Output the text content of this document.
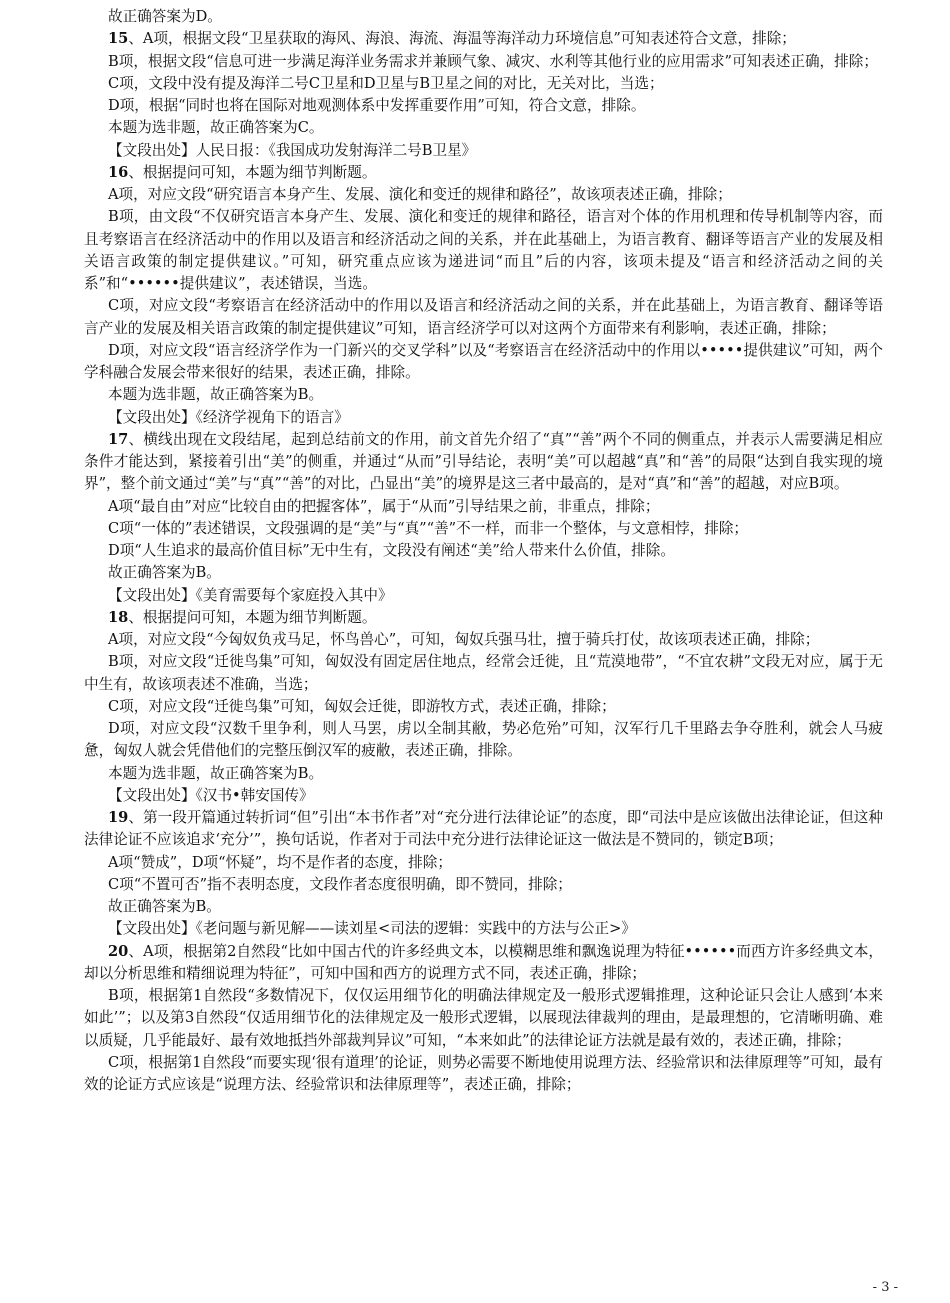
故正确答案为D。

15、A项，根据文段“卫星获取的海风、海浪、海流、海温等海洋动力环境信息”可知表述符合文意，排除；

B项，根据文段“信息可进一步满足海洋业务需求并兼顾气象、减灾、水利等其他行业的应用需求”可知表述正确，排除；

C项，文段中没有提及海洋二号C卫星和D卫星与B卫星之间的对比，无关对比，当选；

D项，根据“同时也将在国际对地观测体系中发挥重要作用”可知，符合文意，排除。

本题为选非题，故正确答案为C。

【文段出处】人民日报：《我国成功发射海洋二号B卫星》

16、根据提问可知，本题为细节判断题。

A项，对应文段“研究语言本身产生、发展、演化和变迁的规律和路径”，故该项表述正确，排除；

B项，由文段“不仅研究语言本身产生、发展、演化和变迁的规律和路径，语言对个体的作用机理和传导机制等内容，而且考察语言在经济活动中的作用以及语言和经济活动之间的关系，并在此基础上，为语言教育、翻译等语言产业的发展及相关语言政策的制定提供建议。”可知，研究重点应该为递进词“而且”后的内容，该项未提及“语言和经济活动之间的关系”和“••••••提供建议”，表述错误，当选。

C项，对应文段“考察语言在经济活动中的作用以及语言和经济活动之间的关系，并在此基础上，为语言教育、翻译等语言产业的发展及相关语言政策的制定提供建议”可知，语言经济学可以对这两个方面带来有利影响，表述正确，排除；

D项，对应文段“语言经济学作为一门新兴的交叉学科”以及“考察语言在经济活动中的作用以•••••提供建议”可知，两个学科融合发展会带来很好的结果，表述正确，排除。

本题为选非题，故正确答案为B。

【文段出处】《经济学视角下的语言》

17、横线出现在文段结尾，起到总结前文的作用，前文首先介绍了“真”“善”两个不同的侧重点，并表示人需要满足相应条件才能达到，紧接着引出“美”的侧重，并通过“从而”引导结论，表明“美”可以超越“真”和“善”的局限“达到自我实现的境界”，整个前文通过“美”与“真”“善”的对比，凸显出“美”的境界是这三者中最高的，是对“真”和“善”的超越，对应B项。

A项“最自由”对应“比较自由的把握客体”，属于“从而”引导结果之前，非重点，排除；

C项“一体的”表述错误，文段强调的是“美”与“真”“善”不一样，而非一个整体，与文意相悖，排除；

D项“人生追求的最高价值目标”无中生有，文段没有阐述“美”给人带来什么价值，排除。

故正确答案为B。

【文段出处】《美育需要每个家庭投入其中》

18、根据提问可知，本题为细节判断题。

A项，对应文段“今匈奴负戎马足，怀鸟兽心”，可知，匈奴兵强马壮，擅于骑兵打仗，故该项表述正确，排除；

B项，对应文段“迁徙鸟集”可知，匈奴没有固定居住地点，经常会迁徙，且“荒漠地带”，“不宜农耕”文段无对应，属于无中生有，故该项表述不准确，当选；

C项，对应文段“迁徙鸟集”可知，匈奴会迁徙，即游牧方式，表述正确，排除；

D项，对应文段“汉数千里争利，则人马罢，虏以全制其敝，势必危殆”可知，汉军行几千里路去争夺胜利，就会人马疲惫，匈奴人就会凭借他们的完整压倒汉军的疲敝，表述正确，排除。

本题为选非题，故正确答案为B。

【文段出处】《汉书•韩安国传》

19、第一段开篇通过转折词“但”引出“本书作者”对“充分进行法律论证”的态度，即“司法中是应该做出法律论证，但这种法律论证不应该追求‘充分’”，换句话说，作者对于司法中充分进行法律论证这一做法是不赞同的，锁定B项；

A项“赞成”，D项“怀疑”，均不是作者的态度，排除；

C项“不置可否”指不表明态度，文段作者态度很明确，即不赞同，排除；

故正确答案为B。

【文段出处】《老问题与新见解——读刘星<司法的逻辑：实践中的方法与公正>》

20、A项，根据第2自然段“比如中国古代的许多经典文本，以模糊思维和飘逸说理为特征••••••而西方许多经典文本，却以分析思维和精细说理为特征”，可知中国和西方的说理方式不同，表述正确，排除；

B项，根据第1自然段“多数情况下，仅仅运用细节化的明确法律规定及一般形式逻辑推理，这种论证只会让人感到‘本来如此’”；以及第3自然段“仅适用细节化的法律规定及一般形式逻辑，以展现法律裁判的理由，是最理想的，它清晰明确、难以质疑，几乎能最好、最有效地抵挡外部裁判异议”可知，“本来如此”的法律论证方法就是最有效的，表述正确，排除；

C项，根据第1自然段“而要实现‘很有道理’的论证，则势必需要不断地使用说理方法、经验常识和法律原理等”可知，最有效的论证方式应该是“说理方法、经验常识和法律原理等”，表述正确，排除；

- 3 -
